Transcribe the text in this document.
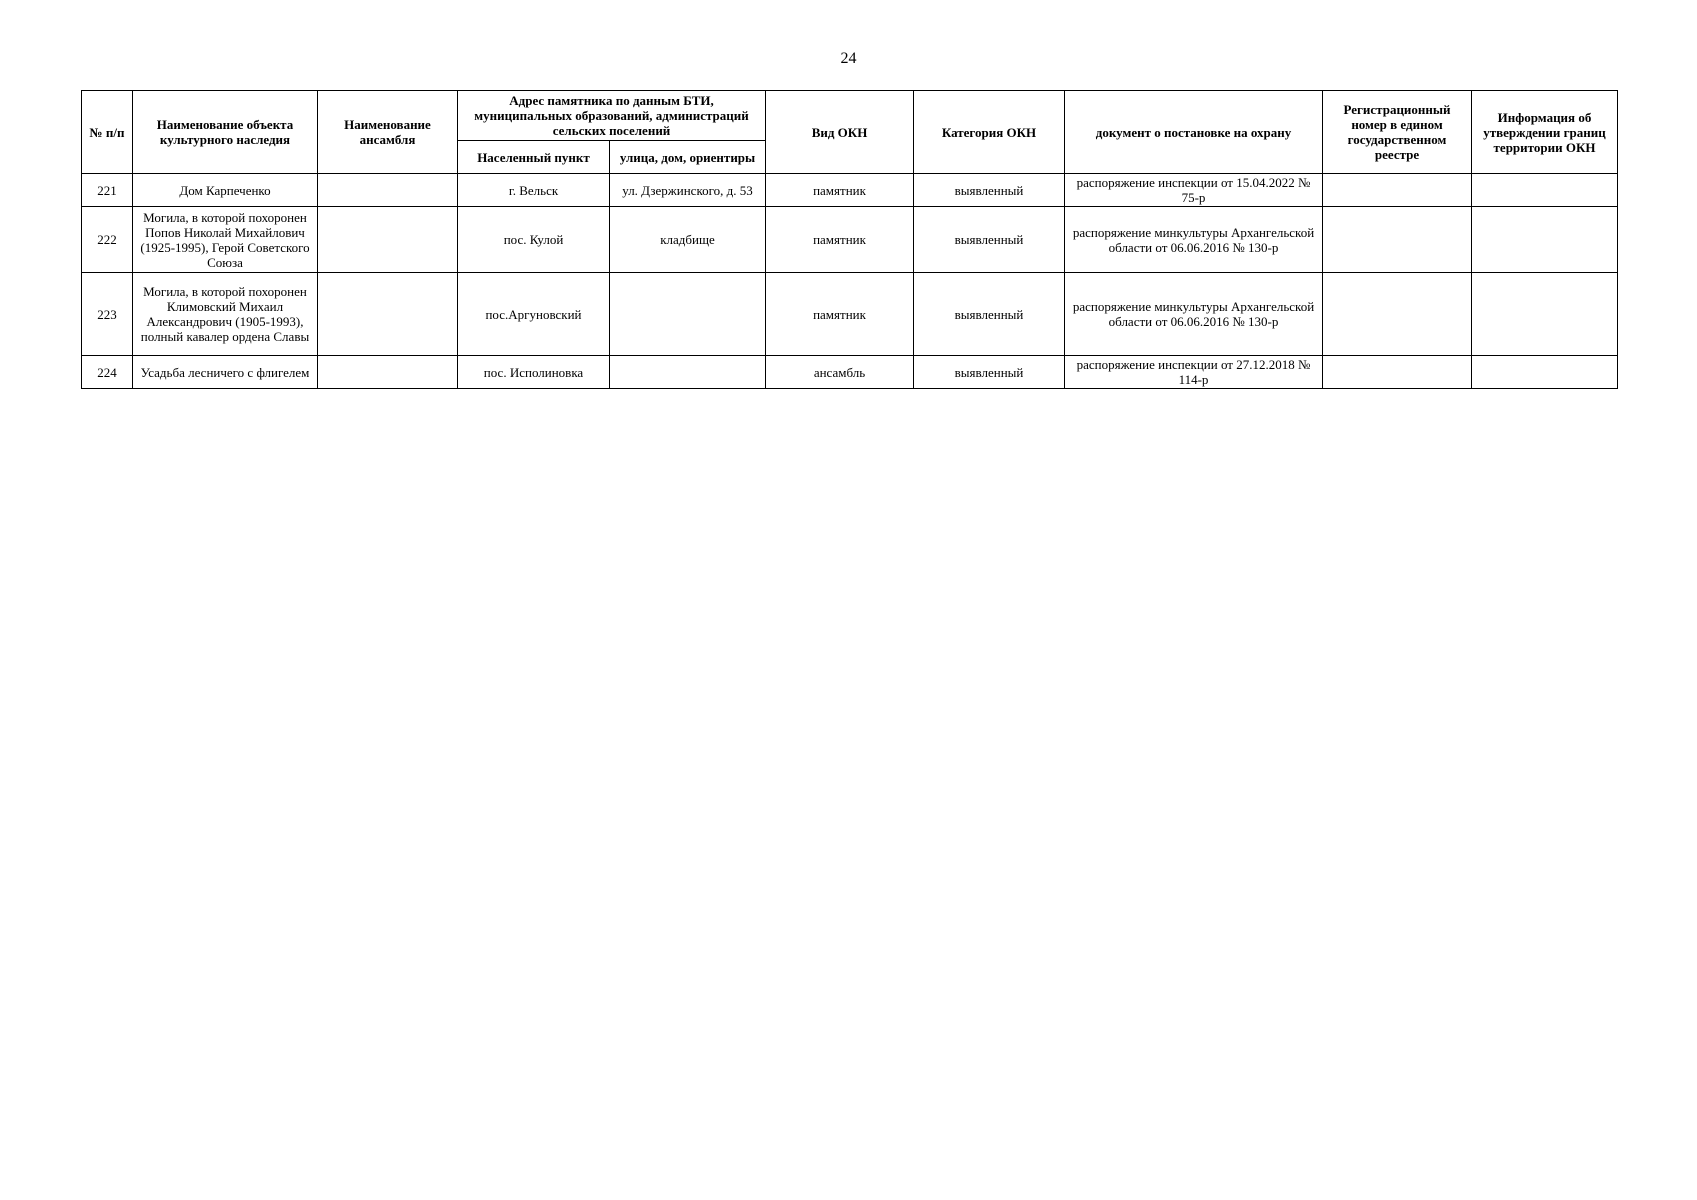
24
№ п/п	Наименование объекта культурного наследия	Наименование ансамбля	Адрес памятника по данным БТИ, муниципальных образований, администраций сельских поселений		Вид ОКН	Категория ОКН	документ о постановке на охрану	Регистрационный номер в едином государственном реестре	Информация об утверждении границ территории ОКН
			Населенный пункт	улица, дом, ориентиры					
221	Дом Карпеченко		г. Вельск	ул. Дзержинского, д. 53	памятник	выявленный	распоряжение инспекции от 15.04.2022 № 75-р		
222	Могила, в которой похоронен Попов Николай Михайлович (1925-1995), Герой Советского Союза		пос. Кулой	кладбище	памятник	выявленный	распоряжение минкультуры Архангельской области от 06.06.2016 № 130-р		
223	Могила, в которой похоронен Климовский Михаил Александрович (1905-1993), полный кавалер ордена Славы		пос.Аргуновский		памятник	выявленный	распоряжение минкультуры Архангельской области от 06.06.2016 № 130-р		
224	Усадьба лесничего с флигелем		пос. Исполиновка		ансамбль	выявленный	распоряжение инспекции от 27.12.2018 № 114-р		
